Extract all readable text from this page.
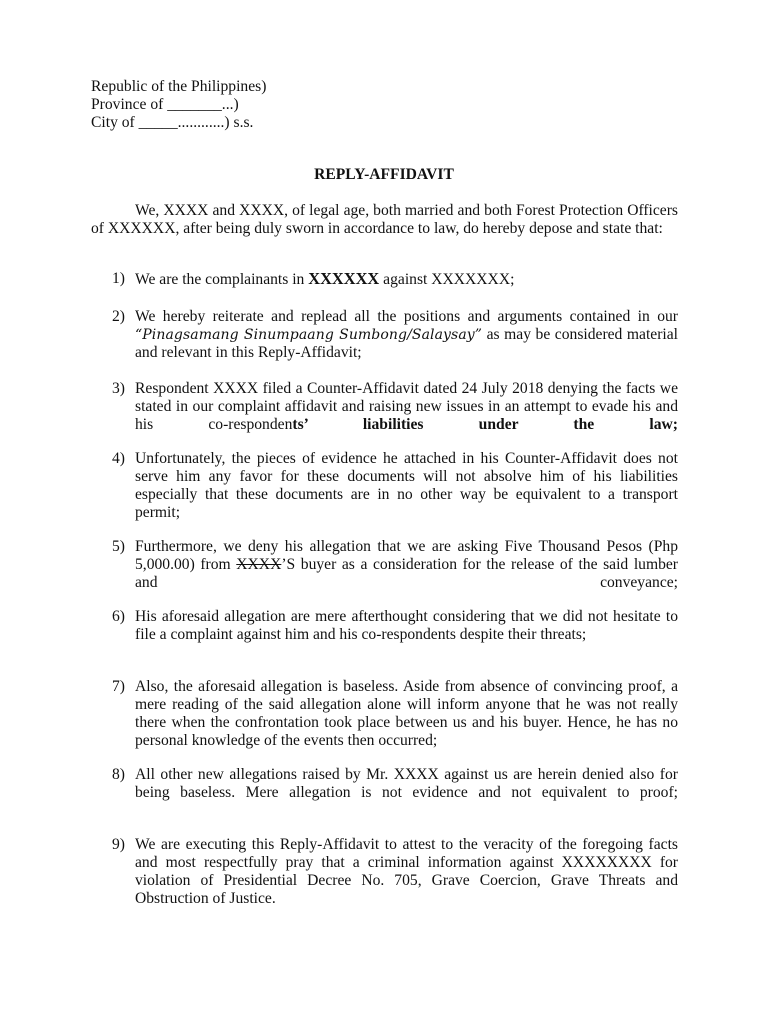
Republic of the Philippines)
Province of _______...)
City of _____............) s.s.
REPLY-AFFIDAVIT
We, XXXX and XXXX, of legal age, both married and both Forest Protection Officers of XXXXXX, after being duly sworn in accordance to law, do hereby depose and state that:
1) We are the complainants in XXXXXX against XXXXXXX;
2) We hereby reiterate and replead all the positions and arguments contained in our “Pinagsamang Sinumpaang Sumbong/Salaysay” as may be considered material and relevant in this Reply-Affidavit;
3) Respondent XXXX filed a Counter-Affidavit dated 24 July 2018 denying the facts we stated in our complaint affidavit and raising new issues in an attempt to evade his and his co-respondents’ liabilities under the law;
4) Unfortunately, the pieces of evidence he attached in his Counter-Affidavit does not serve him any favor for these documents will not absolve him of his liabilities especially that these documents are in no other way be equivalent to a transport permit;
5) Furthermore, we deny his allegation that we are asking Five Thousand Pesos (Php 5,000.00) from XXXX’S buyer as a consideration for the release of the said lumber and conveyance;
6) His aforesaid allegation are mere afterthought considering that we did not hesitate to file a complaint against him and his co-respondents despite their threats;
7) Also, the aforesaid allegation is baseless. Aside from absence of convincing proof, a mere reading of the said allegation alone will inform anyone that he was not really there when the confrontation took place between us and his buyer. Hence, he has no personal knowledge of the events then occurred;
8) All other new allegations raised by Mr. XXXX against us are herein denied also for being baseless. Mere allegation is not evidence and not equivalent to proof;
9) We are executing this Reply-Affidavit to attest to the veracity of the foregoing facts and most respectfully pray that a criminal information against XXXXXXXX for violation of Presidential Decree No. 705, Grave Coercion, Grave Threats and Obstruction of Justice.
